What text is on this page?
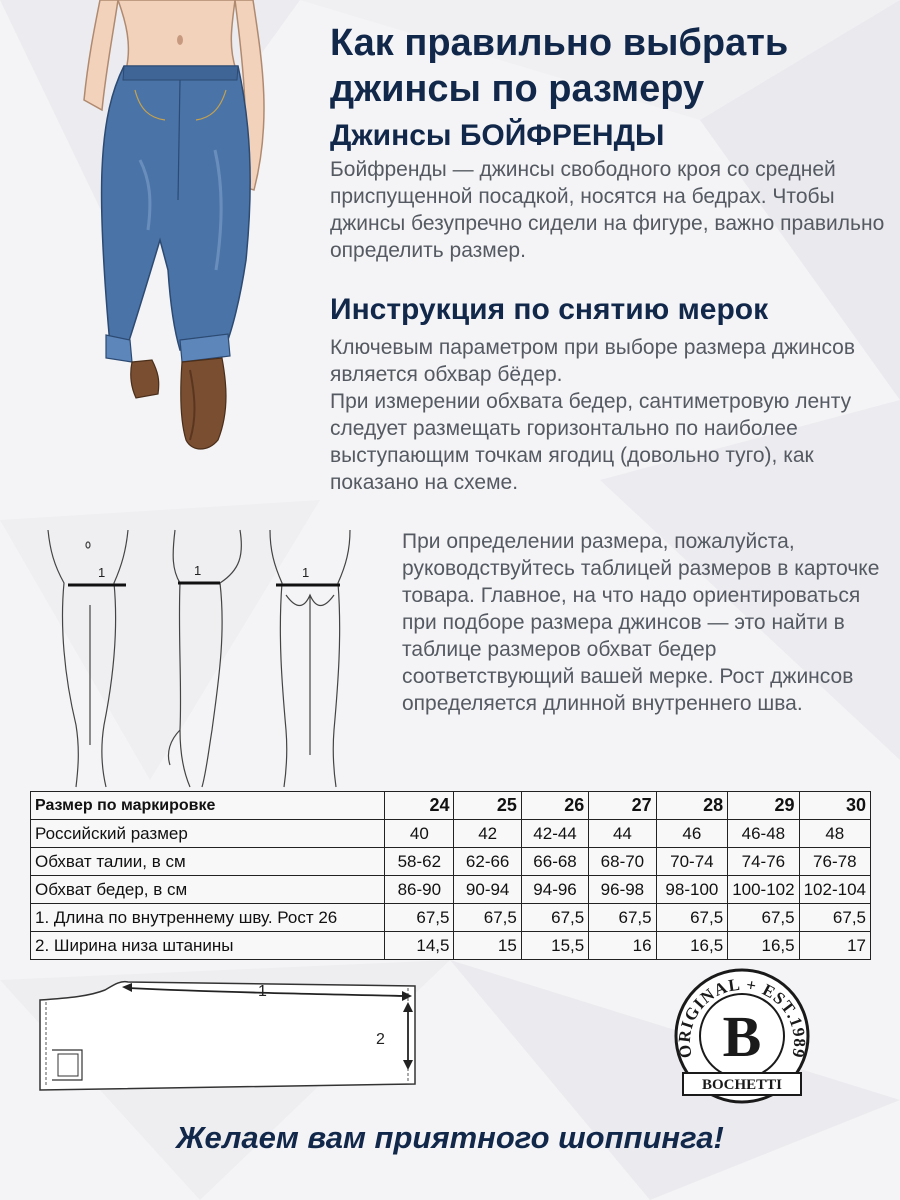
1	1	1
Как правильно выбрать джинсы по размеру
Джинсы БОЙФРЕНДЫ

Бойфренды — джинсы свободного кроя со средней приспущенной посадкой, носятся на бедрах. Чтобы джинсы безупречно сидели на фигуре, важно правильно определить размер.

Инструкция по снятию мерок

Ключевым параметром при выборе размера джинсов является обхвар бёдер.
При измерении обхвата бедер, сантиметровую ленту следует размещать горизонтально по наиболее выступающим точкам ягодиц (довольно туго), как показано на схеме.

При определении размера, пожалуйста, руководствуйтесь таблицей размеров в карточке товара. Главное, на что надо ориентироваться при подборе размера джинсов — это найти в таблице размеров обхват бедер соответствующий вашей мерке. Рост джинсов определяется длинной внутреннего шва.

Размер по маркировке	24	25	26	27	28	29	30
Российский размер	40	42	42-44	44	46	46-48	48
Обхват талии, в см	58-62	62-66	66-68	68-70	70-74	74-76	76-78
Обхват бедер, в см	86-90	90-94	94-96	96-98	98-100	100-102	102-104
1. Длина по внутреннему шву. Рост 26	67,5	67,5	67,5	67,5	67,5	67,5	67,5
2. Ширина низа штанины	14,5	15	15,5	16	16,5	16,5	17
1
2
ORIGINAL + EST.1989
B
BOCHETTI

Желаем вам приятного шоппинга!
